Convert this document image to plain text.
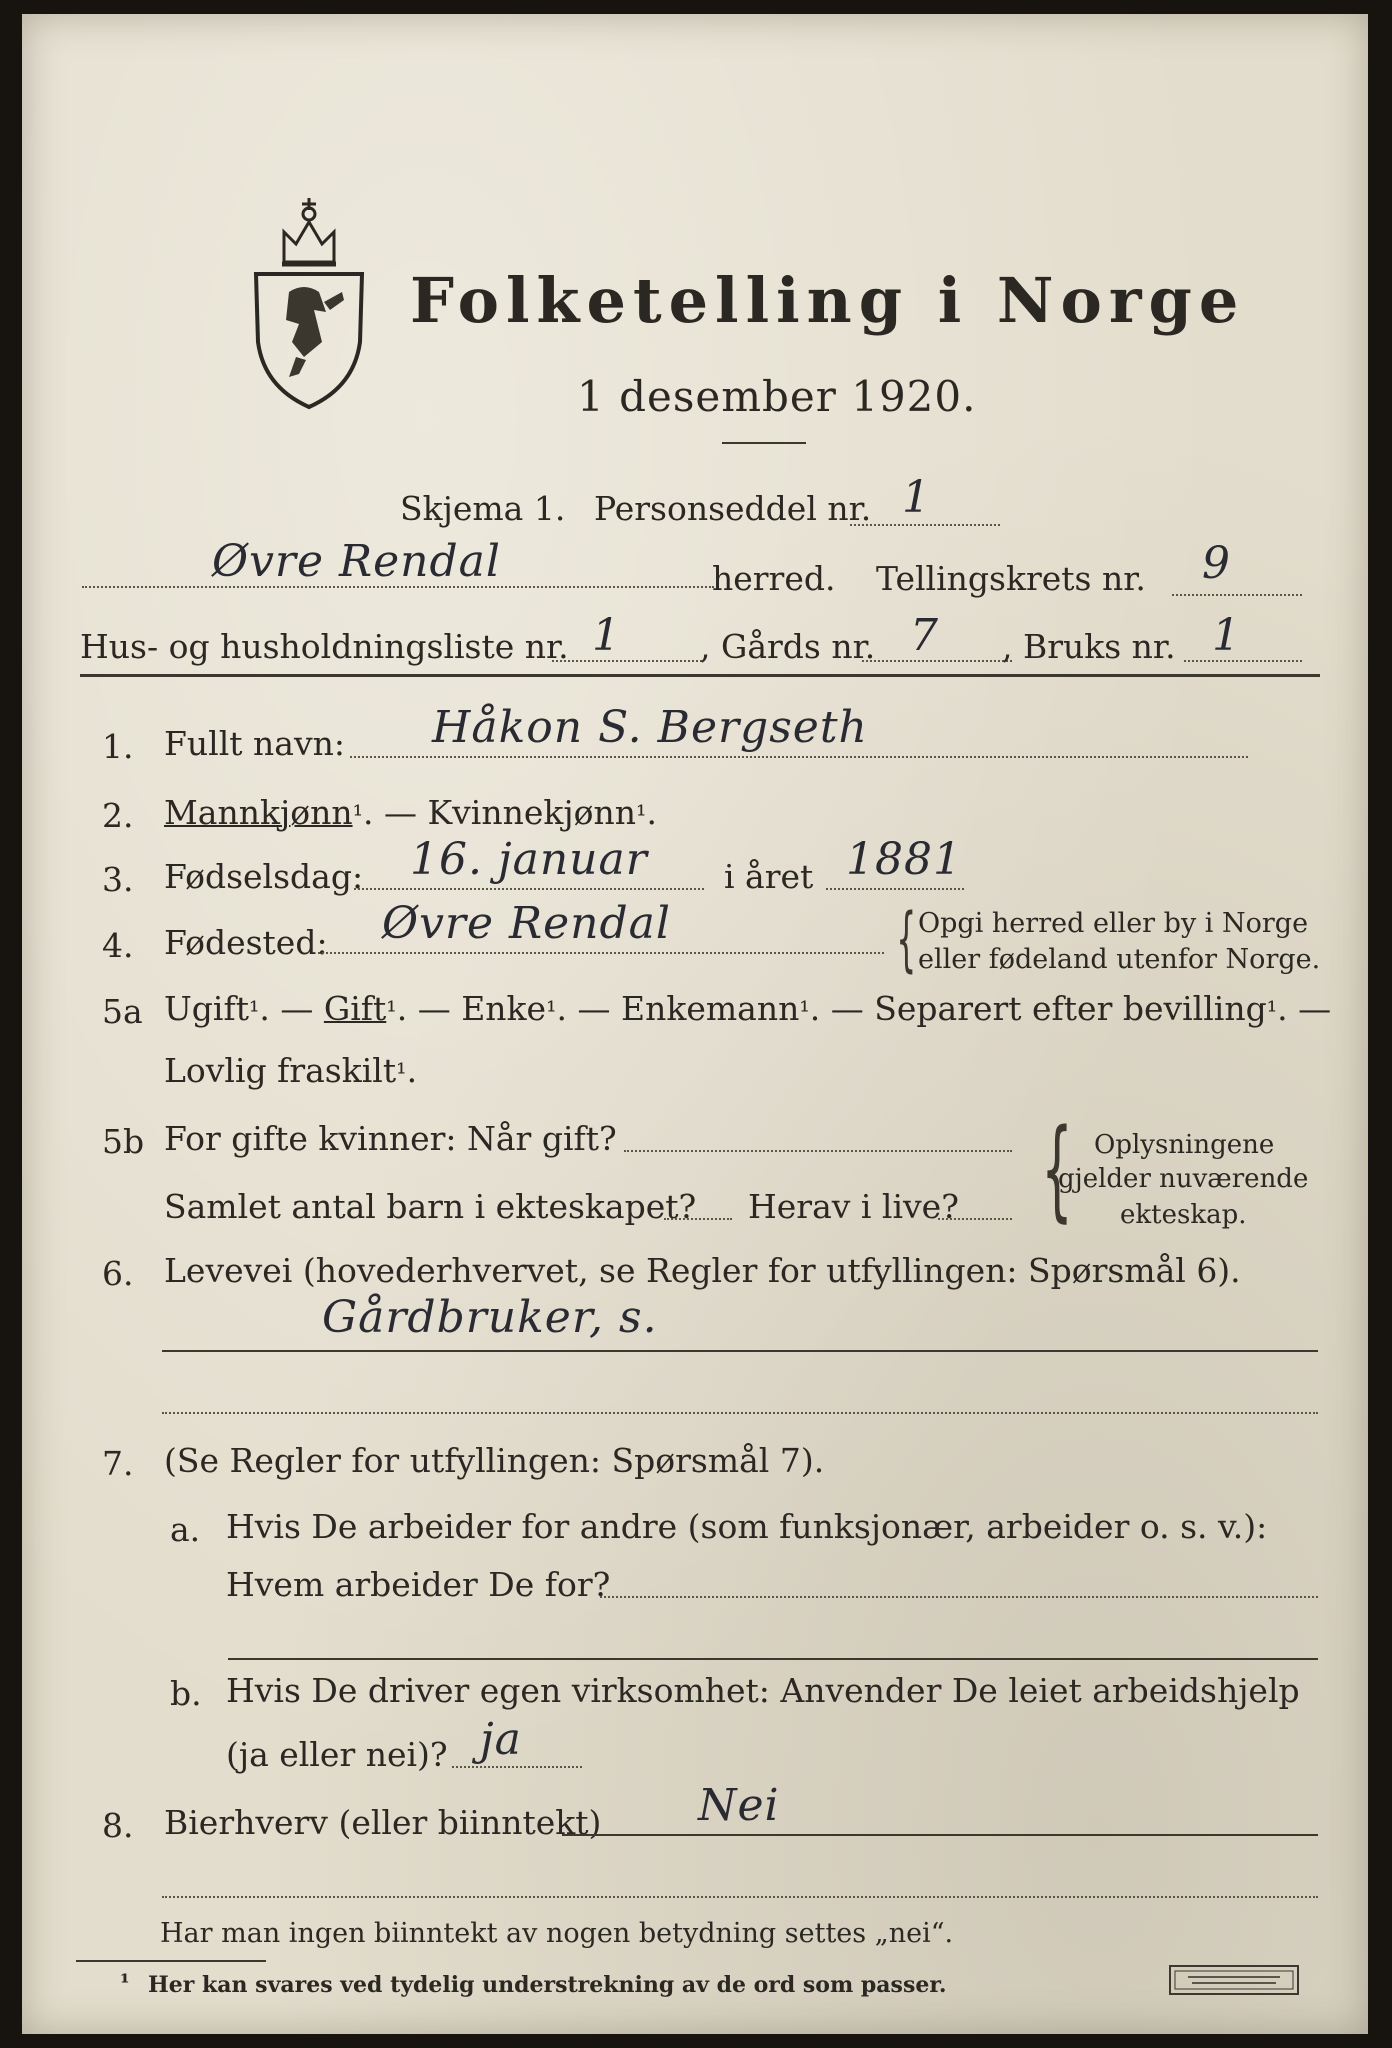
Folketelling i Norge
1 desember 1920.
Skjema 1. Personseddel nr. 1
Øvre Rendal	herred. Tellingskrets nr. 9
Hus- og husholdningsliste nr. 1 , Gårds nr. 7 , Bruks nr. 1
1. Fullt navn: Håkon S. Bergseth
2. Mannkjønn¹. — Kvinnekjønn¹.
3. Fødselsdag: 16. januar i året 1881
4. Fødested: Øvre Rendal	{ Opgi herred eller by i Norge
eller fødeland utenfor Norge.
5a Ugift¹. — Gift¹. — Enke¹. — Enkemann¹. — Separert efter bevilling¹. —
Lovlig fraskilt¹.
5b For gifte kvinner: Når gift?
Samlet antal barn i ekteskapet? Herav i live? { Oplysningene
gjelder nuværende
ekteskap.
6. Levevei (hovederhvervet, se Regler for utfyllingen: Spørsmål 6).
Gårdbruker, s.
7. (Se Regler for utfyllingen: Spørsmål 7).
a. Hvis De arbeider for andre (som funksjonær, arbeider o. s. v.):
Hvem arbeider De for?
b. Hvis De driver egen virksomhet: Anvender De leiet arbeidshjelp
(ja eller nei)? ja
8. Bierhverv (eller biinntekt) Nei
Har man ingen biinntekt av nogen betydning settes „nei“.
¹ Her kan svares ved tydelig understrekning av de ord som passer.
